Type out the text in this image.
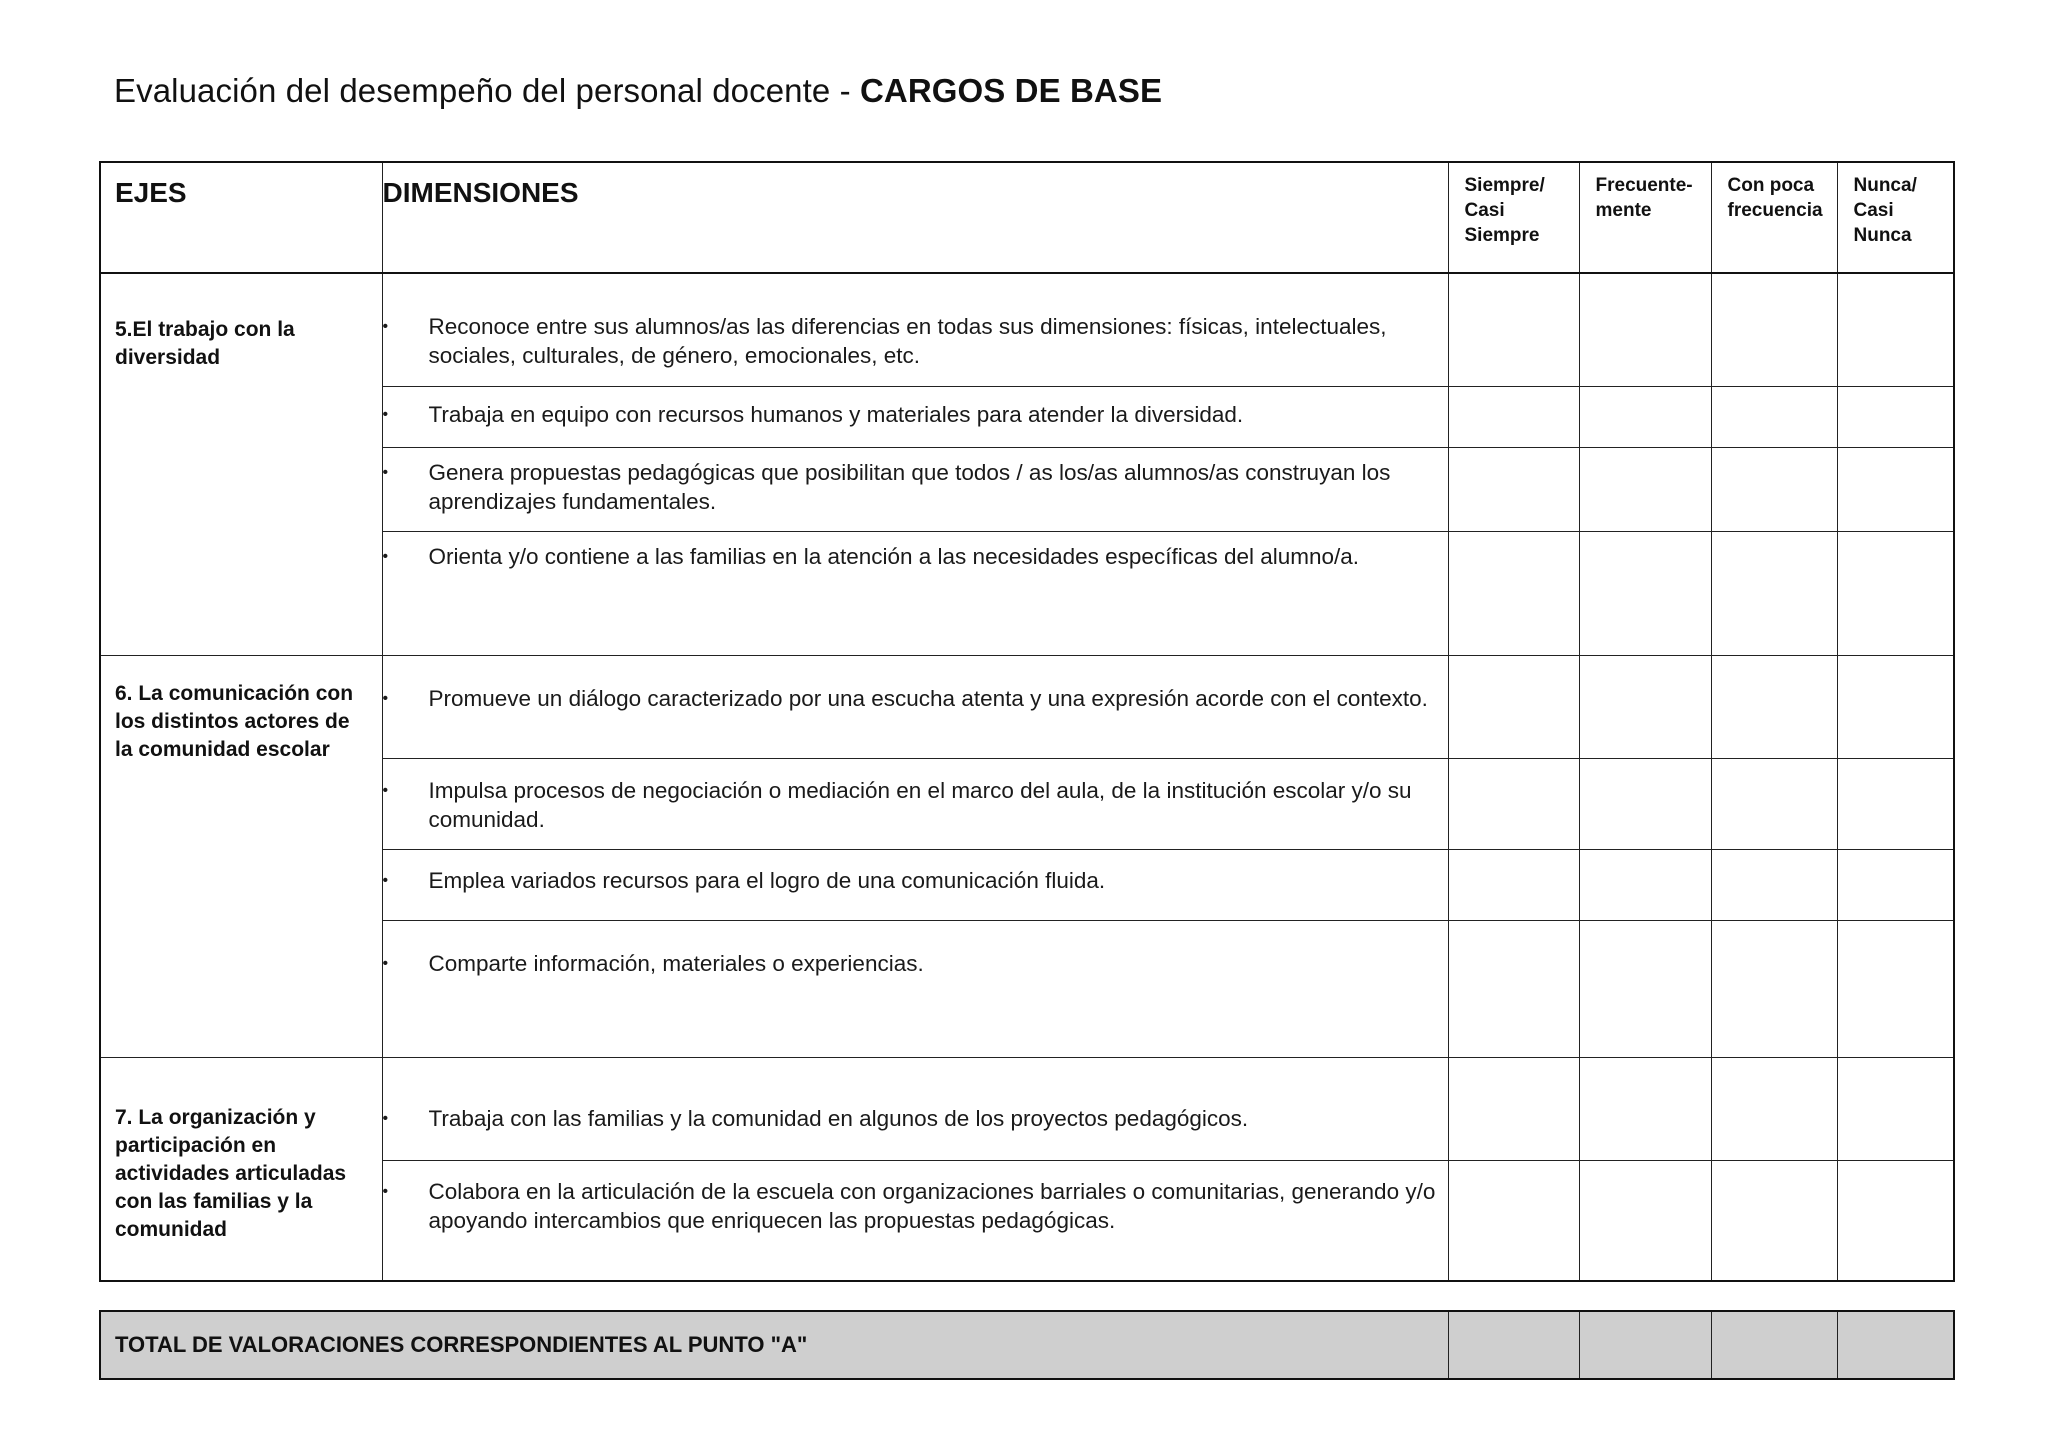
Evaluación del desempeño del personal docente - CARGOS DE BASE
EJES	DIMENSIONES	Siempre/ Casi Siempre	Frecuente- mente	Con poca frecuencia	Nunca/ Casi Nunca
5.El trabajo con la diversidad	• Reconoce entre sus alumnos/as las diferencias en todas sus dimensiones: físicas, intelectuales, sociales, culturales, de género, emocionales, etc.				

	• Trabaja en equipo con recursos humanos y materiales para atender la diversidad.				

	• Genera propuestas pedagógicas que posibilitan que todos / as los/as alumnos/as construyan los aprendizajes fundamentales.				

	• Orienta y/o contiene a las familias en la atención a las necesidades específicas del alumno/a.				

6. La comunicación con los distintos actores de la comunidad escolar	• Promueve un diálogo caracterizado por una escucha atenta y una expresión acorde con el contexto.				

	• Impulsa procesos de negociación o mediación en el marco del aula, de la institución escolar y/o su comunidad.				

	• Emplea variados recursos para el logro de una comunicación fluida.				

	• Comparte información, materiales o experiencias.				

7. La organización y participación en actividades articuladas con las familias y la comunidad	• Trabaja con las familias y la comunidad en algunos de los proyectos pedagógicos.				

	• Colabora en la articulación de la escuela con organizaciones barriales o comunitarias, generando y/o apoyando intercambios que enriquecen las propuestas pedagógicas.				

TOTAL DE VALORACIONES CORRESPONDIENTES AL PUNTO "A"				
